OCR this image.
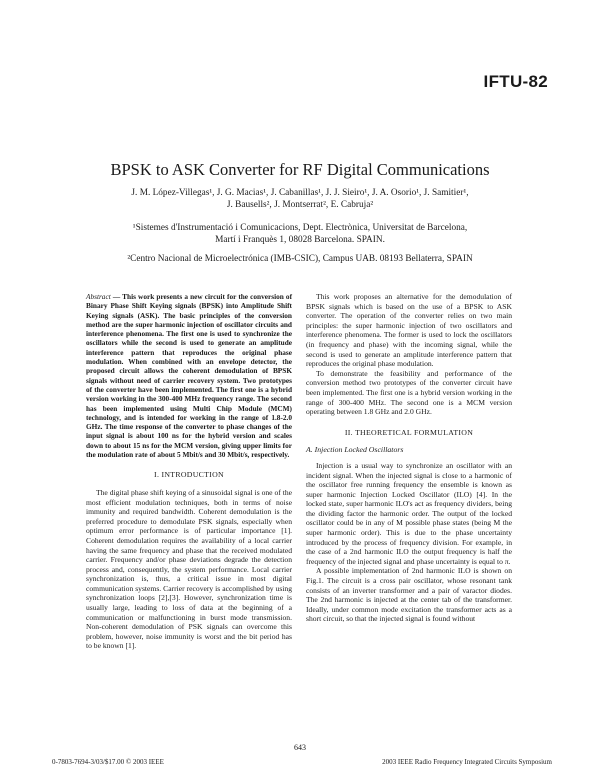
IFTU-82
BPSK to ASK Converter for RF Digital Communications
J. M. López-Villegas¹, J. G. Macias¹, J. Cabanillas¹, J. J. Sieiro¹, J. A. Osorio¹, J. Samitier¹,
J. Bausells², J. Montserrat², E. Cabruja²
¹Sistemes d'Instrumentació i Comunicacions, Dept. Electrònica, Universitat de Barcelona,
Martí i Franquès 1, 08028 Barcelona. SPAIN.
²Centro Nacional de Microelectrónica (IMB-CSIC), Campus UAB. 08193 Bellaterra, SPAIN
Abstract — This work presents a new circuit for the conversion of Binary Phase Shift Keying signals (BPSK) into Amplitude Shift Keying signals (ASK). The basic principles of the conversion method are the super harmonic injection of oscillator circuits and interference phenomena. The first one is used to synchronize the oscillators while the second is used to generate an amplitude interference pattern that reproduces the original phase modulation. When combined with an envelope detector, the proposed circuit allows the coherent demodulation of BPSK signals without need of carrier recovery system. Two prototypes of the converter have been implemented. The first one is a hybrid version working in the 300-400 MHz frequency range. The second has been implemented using Multi Chip Module (MCM) technology, and is intended for working in the range of 1.8-2.0 GHz. The time response of the converter to phase changes of the input signal is about 100 ns for the hybrid version and scales down to about 15 ns for the MCM version, giving upper limits for the modulation rate of about 5 Mbit/s and 30 Mbit/s, respectively.
I. INTRODUCTION

The digital phase shift keying of a sinusoidal signal is one of the most efficient modulation techniques, both in terms of noise immunity and required bandwidth. Coherent demodulation is the preferred procedure to demodulate PSK signals, especially when optimum error performance is of particular importance [1]. Coherent demodulation requires the availability of a local carrier having the same frequency and phase that the received modulated carrier. Frequency and/or phase deviations degrade the detection process and, consequently, the system performance. Local carrier synchronization is, thus, a critical issue in most digital communication systems. Carrier recovery is accomplished by using synchronization loops [2],[3]. However, synchronization time is usually large, leading to loss of data at the beginning of a communication or malfunctioning in burst mode transmission. Non-coherent demodulation of PSK signals can overcome this problem, however, noise immunity is worst and the bit period has to be known [1].

This work proposes an alternative for the demodulation of BPSK signals which is based on the use of a BPSK to ASK converter. The operation of the converter relies on two main principles: the super harmonic injection of two oscillators and interference phenomena. The former is used to lock the oscillators (in frequency and phase) with the incoming signal, while the second is used to generate an amplitude interference pattern that reproduces the original phase modulation.

To demonstrate the feasibility and performance of the conversion method two prototypes of the converter circuit have been implemented. The first one is a hybrid version working in the range of 300-400 MHz. The second one is a MCM version operating between 1.8 GHz and 2.0 GHz.

II. THEORETICAL FORMULATION
A. Injection Locked Oscillators

Injection is a usual way to synchronize an oscillator with an incident signal. When the injected signal is close to a harmonic of the oscillator free running frequency the ensemble is known as super harmonic Injection Locked Oscillator (ILO) [4]. In the locked state, super harmonic ILO's act as frequency dividers, being the dividing factor the harmonic order. The output of the locked oscillator could be in any of M possible phase states (being M the super harmonic order). This is due to the phase uncertainty introduced by the process of frequency division. For example, in the case of a 2nd harmonic ILO the output frequency is half the frequency of the injected signal and phase uncertainty is equal to π.

A possible implementation of 2nd harmonic ILO is shown on Fig.1. The circuit is a cross pair oscillator, whose resonant tank consists of an inverter transformer and a pair of varactor diodes. The 2nd harmonic is injected at the center tab of the transformer. Ideally, under common mode excitation the transformer acts as a short circuit, so that the injected signal is found without

643
0-7803-7694-3/03/$17.00 © 2003 IEEE	2003 IEEE Radio Frequency Integrated Circuits Symposium
